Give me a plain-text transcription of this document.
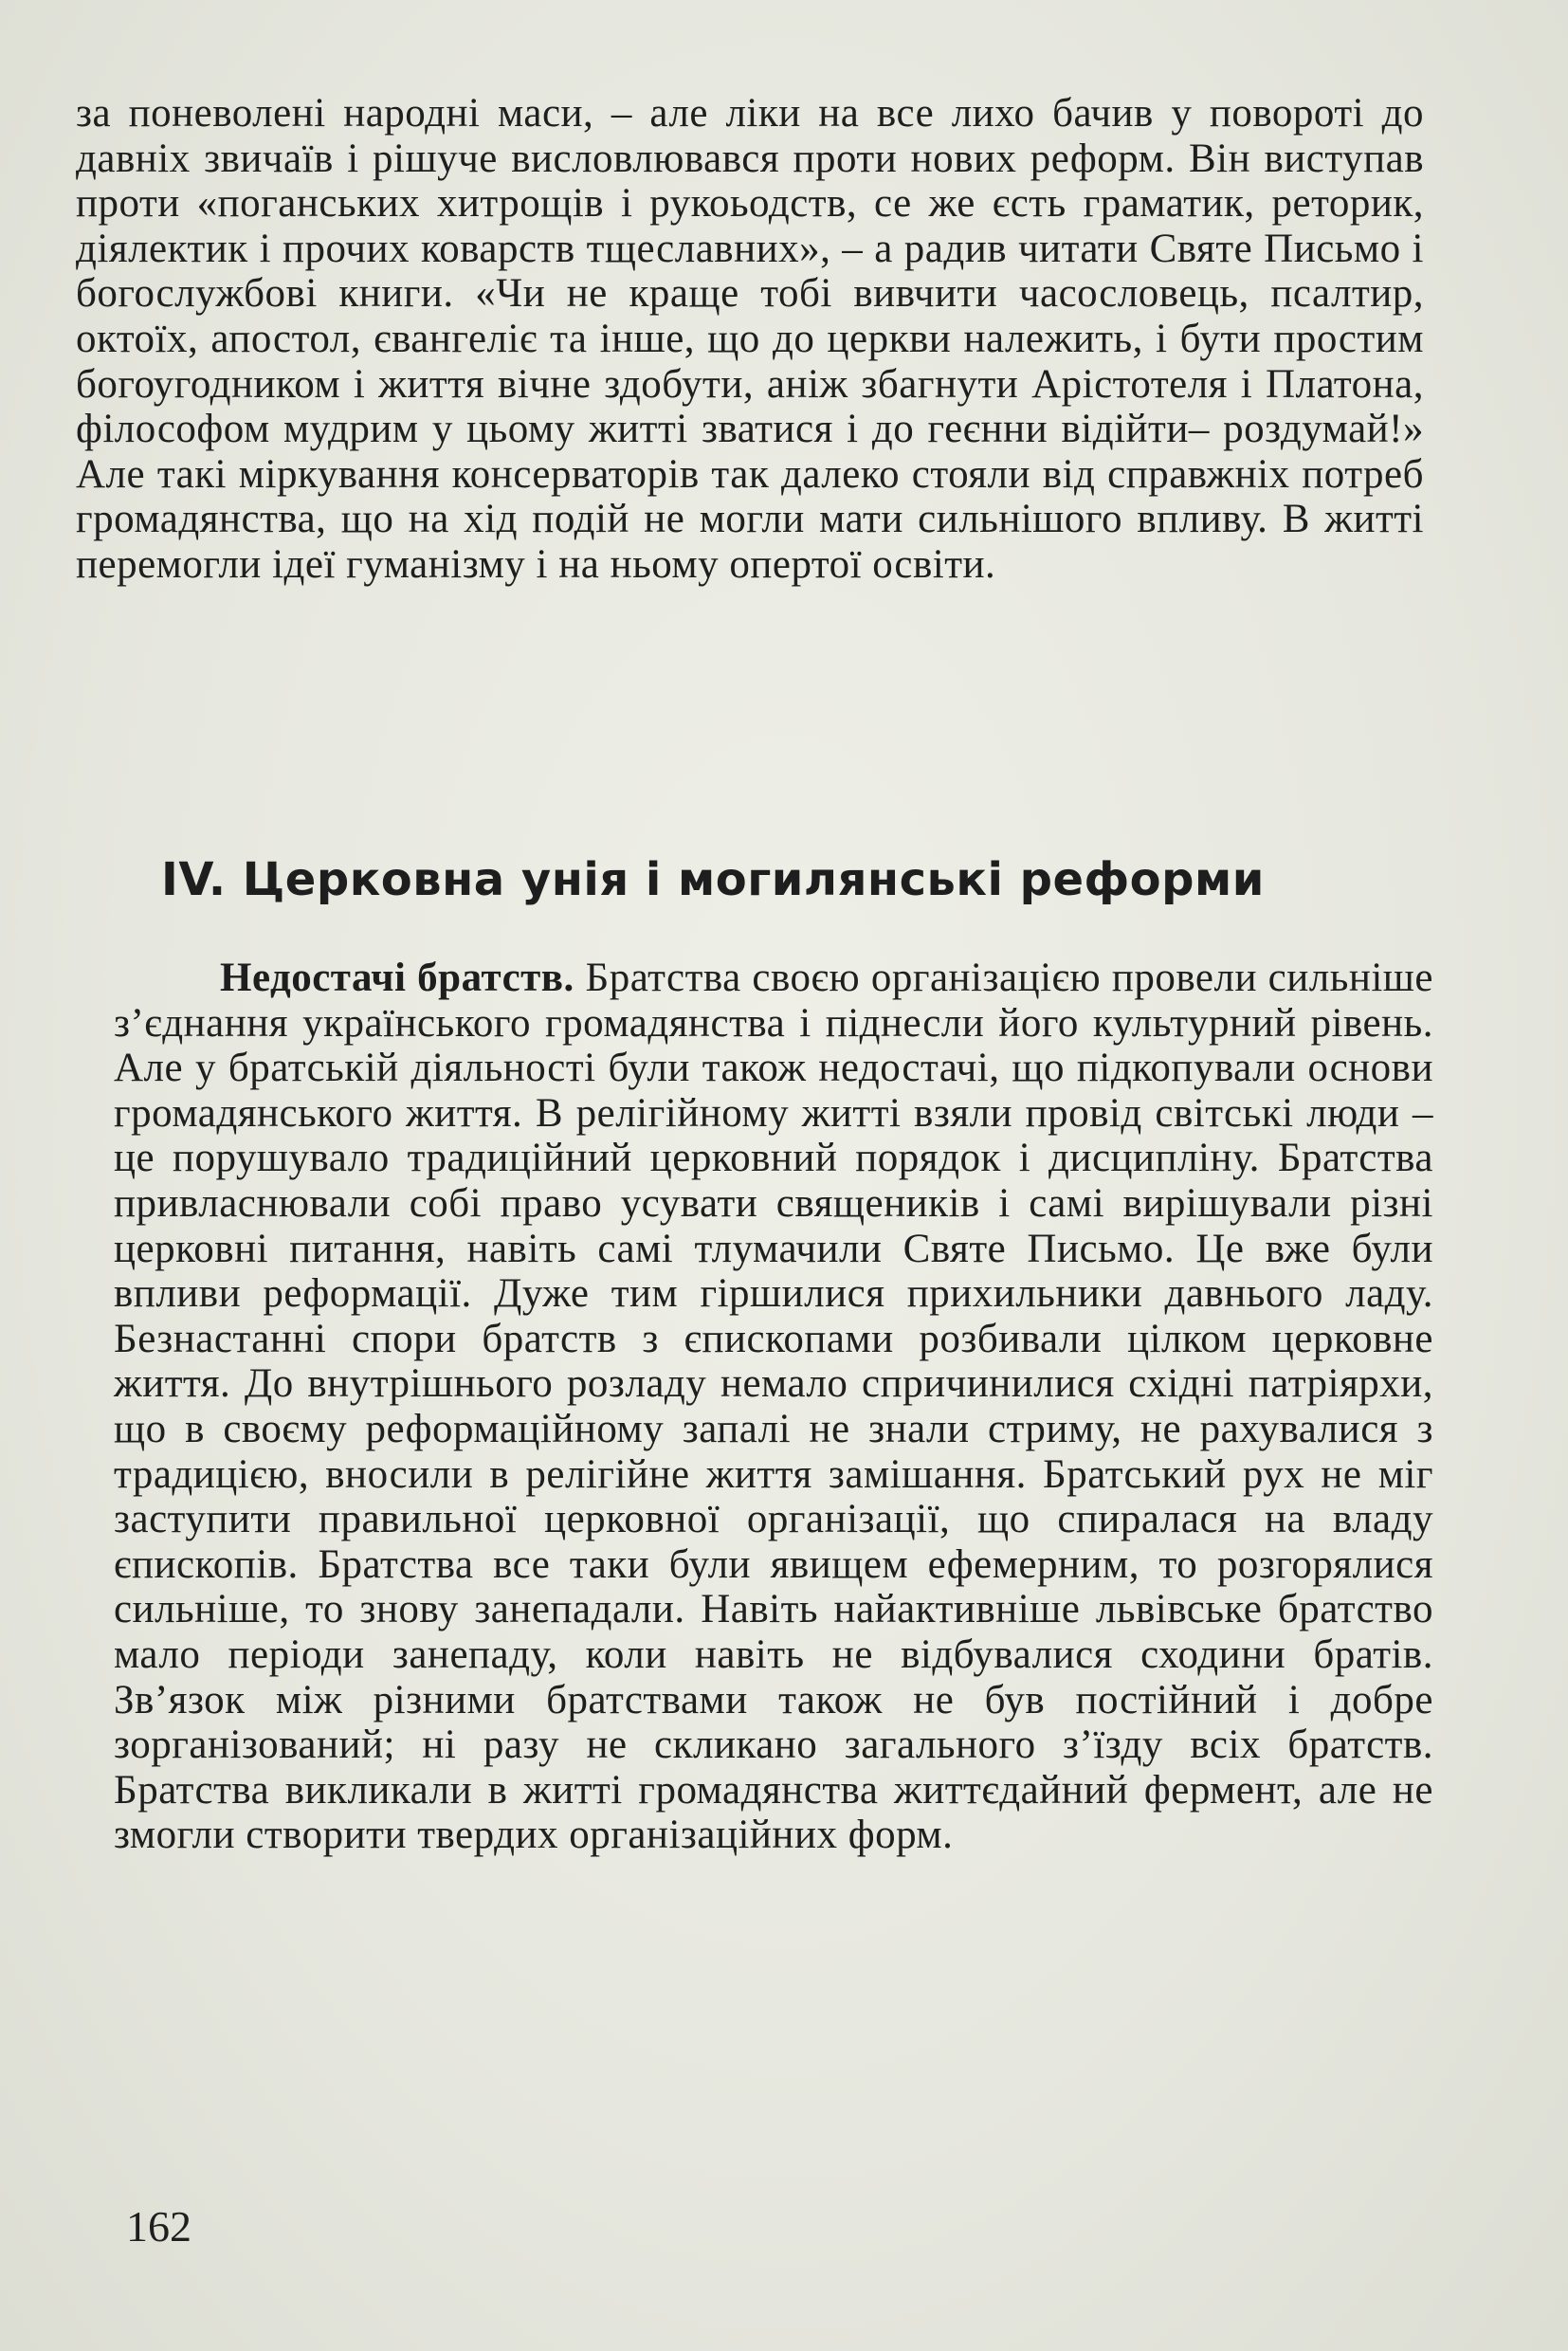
за поневолені народні маси, – але ліки на все лихо бачив у повороті до давніх звичаїв і рішуче висловлювався проти нових реформ. Він виступав проти «поганських хитрощів і рукоьодств, се же єсть граматик, реторик, діялектик і прочих коварств тщеславних», – а радив читати Святе Письмо і богослужбові книги. «Чи не краще тобі вивчити часословець, псалтир, октоїх, апостол, євангеліє та інше, що до церкви належить, і бути простим богоугодником і життя вічне здобути, аніж збагнути Арістотеля і Платона, філософом мудрим у цьому житті зватися і до геєнни відійти– роздумай!» Але такі міркування консерваторів так далеко стояли від справжніх потреб громадянства, що на хід подій не могли мати сильнішого впливу. В житті перемогли ідеї гуманізму і на ньому опертої освіти.

IV. Церковна унія і могилянські реформи

Недостачі братств. Братства своєю організацією провели сильніше з’єднання українського громадянства і піднесли його культурний рівень. Але у братській діяльності були також недостачі, що підкопували основи громадянського життя. В релігійному житті взяли провід світські люди – це порушувало традиційний церковний порядок і дисципліну. Братства привласнювали собі право усувати священиків і самі вирішували різні церковні питання, навіть самі тлумачили Святе Письмо. Це вже були впливи реформації. Дуже тим гіршилися прихильники давнього ладу. Безнастанні спори братств з єпископами розбивали цілком церковне життя. До внутрішнього розладу немало спричинилися східні патріярхи, що в своєму реформаційному запалі не знали стриму, не рахувалися з традицією, вносили в релігійне життя замішання. Братський рух не міг заступити правильної церковної організації, що спиралася на владу єпископів. Братства все таки були явищем ефемерним, то розгорялися сильніше, то знову занепадали. Навіть найактивніше львівське братство мало періоди занепаду, коли навіть не відбувалися сходини братів. Зв’язок між різними братствами також не був постійний і добре зорганізований; ні разу не скликано загального з’їзду всіх братств. Братства викликали в житті громадянства життєдайний фермент, але не змогли створити твердих організаційних форм.

162
